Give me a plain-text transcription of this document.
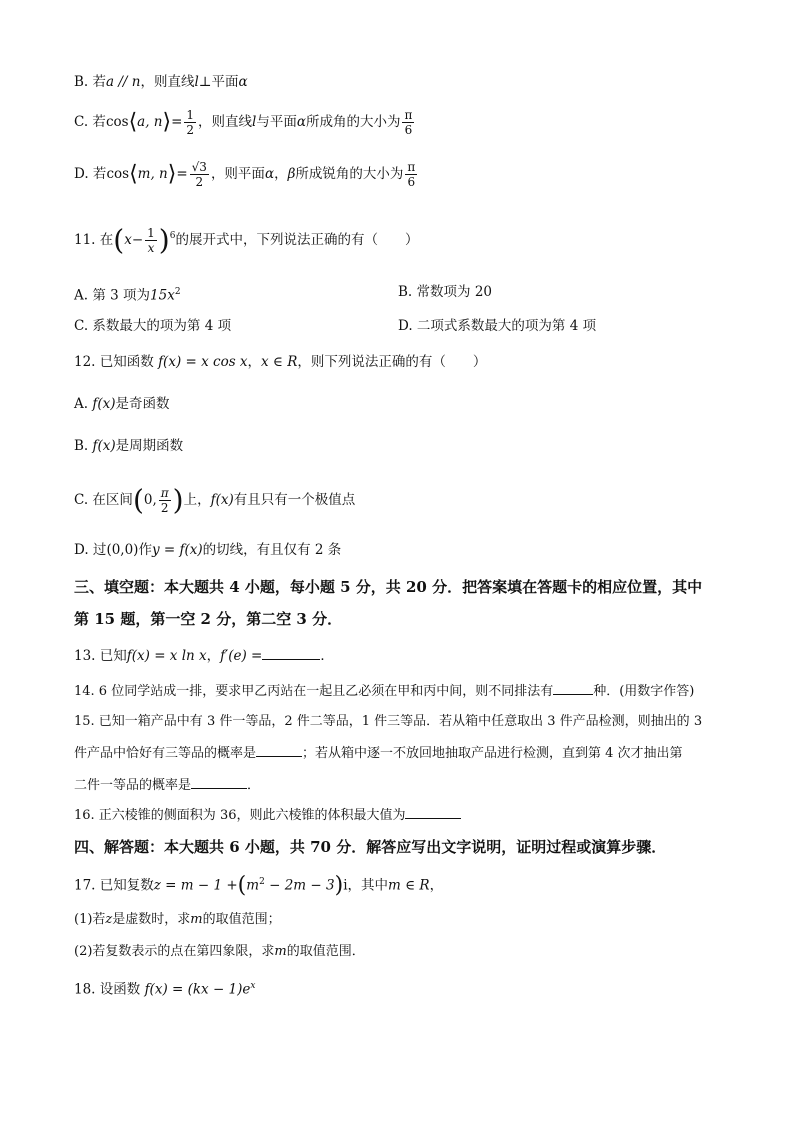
B. 若a // n，则直线l⊥平面α
C. 若cos⟨a, n⟩= $\frac{1}{2}$ ，则直线l与平面α所成角的大小为 $\frac{\pi}{6}$
D. 若cos⟨m, n⟩= $\frac{√3}{2}$ ，则平面α，β所成锐角的大小为 $\frac{\pi}{6}$
11. 在$(x- \frac{1}{x} )^6$的展开式中，下列说法正确的有（　　）
A. 第 3 项为$15x^2$	B. 常数项为 20
C. 系数最大的项为第 4 项	D. 二项式系数最大的项为第 4 项
12. 已知函数 f(x) = x cos x，x ∈ R，则下列说法正确的有（　　）
A. f(x)是奇函数
B. f(x)是周期函数
C. 在区间(0, $\frac{\pi}{2}$ )上，f(x)有且只有一个极值点
D. 过(0,0)作y = f(x)的切线，有且仅有 2 条
三、填空题：本大题共 4 小题，每小题 5 分，共 20 分．把答案填在答题卡的相应位置，其中
第 15 题，第一空 2 分，第二空 3 分．
13. 已知f(x) = x ln x，f′(e) =	．
14. 6 位同学站成一排，要求甲乙丙站在一起且乙必须在甲和丙中间，则不同排法有	种．(用数字作答)
15. 已知一箱产品中有 3 件一等品，2 件二等品，1 件三等品．若从箱中任意取出 3 件产品检测，则抽出的 3
件产品中恰好有三等品的概率是	；若从箱中逐一不放回地抽取产品进行检测，直到第 4 次才抽出第
二件一等品的概率是	．
16. 正六棱锥的侧面积为 36，则此六棱锥的体积最大值为
四、解答题：本大题共 6 小题，共 70 分．解答应写出文字说明，证明过程或演算步骤．
17. 已知复数$z = m - 1 +(m^2 - 2m - 3)i$，其中m ∈ R，
(1)若z是虚数时，求m的取值范围；
(2)若复数表示的点在第四象限，求m的取值范围．
18. 设函数 $f(x) = (kx - 1)e^x$
